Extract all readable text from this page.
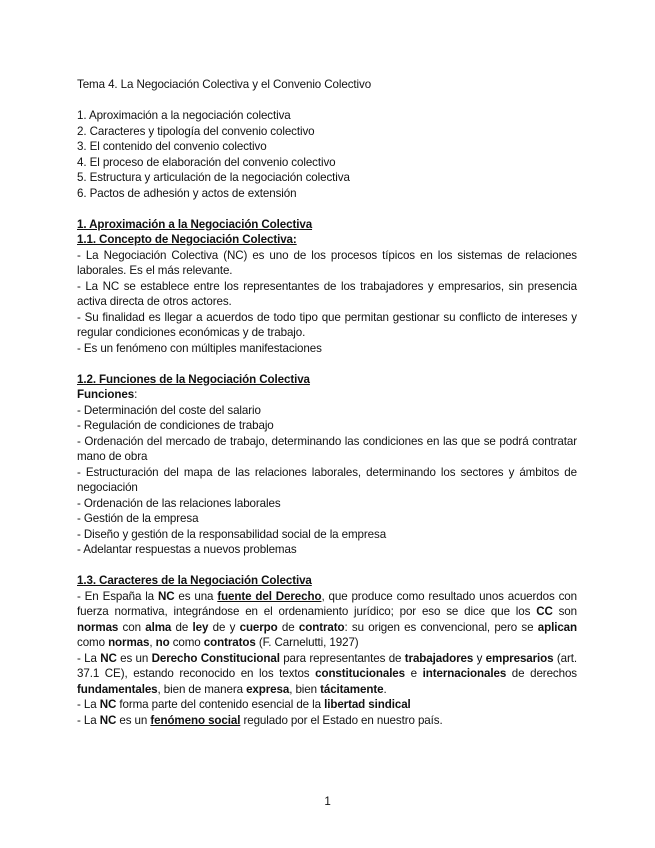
Tema 4. La Negociación Colectiva y el Convenio Colectivo

1. Aproximación a la negociación colectiva

2. Caracteres y tipología del convenio colectivo

3. El contenido del convenio colectivo

4. El proceso de elaboración del convenio colectivo

5. Estructura y articulación de la negociación colectiva

6. Pactos de adhesión y actos de extensión

1. Aproximación a la Negociación Colectiva

1.1. Concepto de Negociación Colectiva:

- La Negociación Colectiva (NC) es uno de los procesos típicos en los sistemas de relaciones laborales. Es el más relevante.

- La NC se establece entre los representantes de los trabajadores y empresarios, sin presencia activa directa de otros actores.

- Su finalidad es llegar a acuerdos de todo tipo que permitan gestionar su conflicto de intereses y regular condiciones económicas y de trabajo.

- Es un fenómeno con múltiples manifestaciones

1.2. Funciones de la Negociación Colectiva

Funciones:

- Determinación del coste del salario

- Regulación de condiciones de trabajo

- Ordenación del mercado de trabajo, determinando las condiciones en las que se podrá contratar mano de obra

- Estructuración del mapa de las relaciones laborales, determinando los sectores y ámbitos de negociación

- Ordenación de las relaciones laborales

- Gestión de la empresa

- Diseño y gestión de la responsabilidad social de la empresa

- Adelantar respuestas a nuevos problemas

1.3. Caracteres de la Negociación Colectiva

- En España la NC es una fuente del Derecho, que produce como resultado unos acuerdos con fuerza normativa, integrándose en el ordenamiento jurídico; por eso se dice que los CC son normas con alma de ley de y cuerpo de contrato: su origen es convencional, pero se aplican como normas, no como contratos (F. Carnelutti, 1927)

- La NC es un Derecho Constitucional para representantes de trabajadores y empresarios (art. 37.1 CE), estando reconocido en los textos constitucionales e internacionales de derechos fundamentales, bien de manera expresa, bien tácitamente.

- La NC forma parte del contenido esencial de la libertad sindical

- La NC es un fenómeno social regulado por el Estado en nuestro país.

1
